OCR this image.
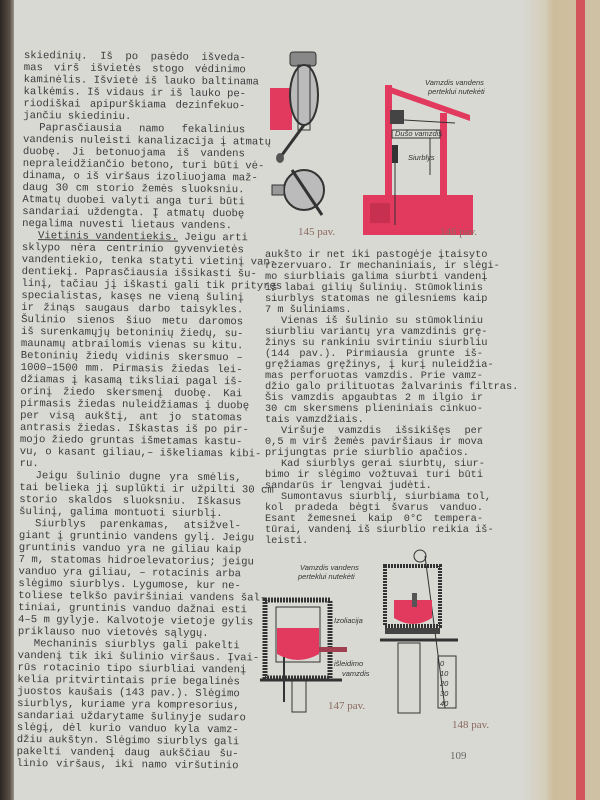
skiedinių. Iš po pasėdo išveda-
mas virš išvietės stogo vėdinimo
kaminėlis. Išvietė iš lauko baltinama
kalkėmis. Iš vidaus ir iš lauko pe-
riodiškai apipurškiama dezinfekuo-
jančiu skiediniu.
Paprasčiausia namo fekalinius
vandenis nuleisti kanalizacija į atmatų
duobę. Ji betonuojama iš vandens
nepraleidžiančio betono, turi būti vė-
dinama, o iš viršaus izoliuojama maž-
daug 30 cm storio žemės sluoksniu.
Atmatų duobei valyti anga turi būti
sandariai uždengta. Į atmatų duobę
negalima nuvesti lietaus vandens.
Vietinis vandentiekis. Jeigu arti
sklypo nėra centrinio gyvenvietės
vandentiekio, tenka statyti vietinį van-
dentiekį. Paprasčiausia išsikasti šu-
linį, tačiau jį iškasti gali tik prityręs
specialistas, kasęs ne vieną šulinį
ir žinąs saugaus darbo taisykles.
Šulinio sienos šiuo metu daromos
iš surenkamųjų betoninių žiedų, su-
maunamų atbrailomis vienas su kitu.
Betoninių žiedų vidinis skersmuo –
1000–1500 mm. Pirmasis žiedas lei-
džiamas į kasamą tiksliai pagal iš-
orinį žiedo skersmenį duobę. Kai
pirmasis žiedas nuleidžiamas į duobę
per visą aukštį, ant jo statomas
antrasis žiedas. Iškastas iš po pir-
mojo žiedo gruntas išmetamas kastu-
vu, o kasant giliau,– iškeliamas kibi-
ru.
Jeigu šulinio dugne yra smėlis,
tai belieka jį suplūkti ir užpilti 30 cm
storio skaldos sluoksniu. Iškasus
šulinį, galima montuoti siurblį.
Siurblys parenkamas, atsižvel-
giant į gruntinio vandens gylį. Jeigu
gruntinis vanduo yra ne giliau kaip
7 m, statomas hidroelevatorius; jeigu
vanduo yra giliau, – rotacinis arba
slėgimo siurblys. Lygumose, kur ne-
toliese telkšo paviršiniai vandens šal-
tiniai, gruntinis vanduo dažnai esti
4–5 m gylyje. Kalvotoje vietoje gylis
priklauso nuo vietovės sąlygų.
Mechaninis siurblys gali pakelti
vandenį tik iki šulinio viršaus. Įvai-
rūs rotacinio tipo siurbliai vandenį
kelia pritvirtintais prie begalinės
juostos kaušais (143 pav.). Slėgimo
siurblys, kuriame yra kompresorius,
sandariai uždarytame šulinyje sudaro
slėgį, dėl kurio vanduo kyla vamz-
džiu aukštyn. Slėgimo siurblys gali
pakelti vandenį daug aukščiau šu-
linio viršaus, iki namo viršutinio
aukšto ir net iki pastogėje įtaisyto
rezervuaro. Ir mechaniniais, ir slėgi-
mo siurbliais galima siurbti vandenį
iš labai gilių šulinių. Stūmoklinis
siurblys statomas ne gilesniems kaip
7 m šuliniams.
Vienas iš šulinio su stūmokliniu
siurbliu variantų yra vamzdinis grę-
žinys su rankiniu svirtiniu siurbliu
(144 pav.). Pirmiausia grunte iš-
gręžiamas gręžinys, į kurį nuleidžia-
mas perforuotas vamzdis. Prie vamz-
džio galo prilituotas žalvarinis filtras.
Šis vamzdis apgaubtas 2 m ilgio ir
30 cm skersmens plieniniais cinkuo-
tais vamzdžiais.
Viršuje vamzdis išsikišęs per
0,5 m virš žemės paviršiaus ir mova
prijungtas prie siurblio apačios.
Kad siurblys gerai siurbtų, siur-
bimo ir slėgimo vožtuvai turi būti
sandarūs ir lengvai judėti.
Sumontavus siurblį, siurbiama tol,
kol pradeda bėgti švarus vanduo.
Esant žemesnei kaip 0°C tempera-
tūrai, vandenį iš siurblio reikia iš-
leisti.
145 pav.
Vamzdis vandens
perteklui nutekėti
Dušo vamzdis
Siurblys
146 pav.
Vamzdis vandens
perteklui nutekėti
Izoliacija
išleidimo
vamzdis
147 pav.
0
10
20
30
40
148 pav.
109
